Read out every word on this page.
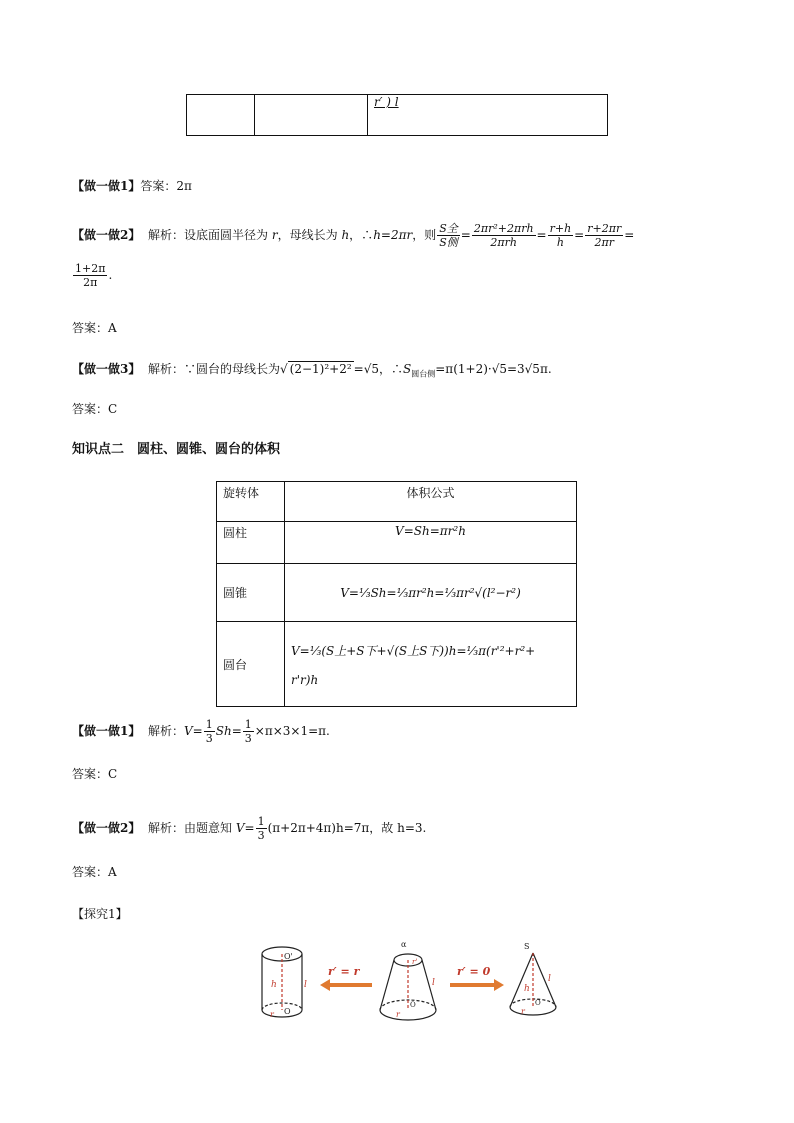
		r′ ) l
【做一做1】答案：2π
【做一做2】 解析：设底面圆半径为 r，母线长为 h，∴h=2πr，则 $\frac{\text{S全}}{\text{S侧}} = \frac{\text{2πr²+2πrh}}{\text{2πrh}} = \frac{r+h}{h} = \frac{r+2\pi r}{2\pi r}$ =
$\frac{1+2\pi}{2\pi}$ .
答案：A
【做一做3】 解析：∵圆台的母线长为√ (2−1)²+2² =√5，$\therefore S_{圆台侧}=\pi(1+2)\cdot√5=3√5\pi$.
答案：C
知识点二　圆柱、圆锥、圆台的体积
旋转体	体积公式
圆柱	V=Sh=πr²h
圆锥	V=⅓Sh=⅓πr²h=⅓πr²√(l²−r²)
圆台	V=⅓(S上+S下+√(S上S下))h=⅓π(r'²+r²+
r'r)h
【做一做1】 解析：$V= \frac{1}{3} Sh= \frac{1}{3} \times\pi\times 3\times 1=\pi$.
答案：C
【做一做2】 解析：由题意知 $V= \frac{1}{3} (\pi+2\pi+4\pi)h=7\pi$，故 h=3.
答案：A
【探究1】
O'
O
h	l
r
r′ = r
α
r'
O
l
r
r′ = 0
S
l
h
O
r
